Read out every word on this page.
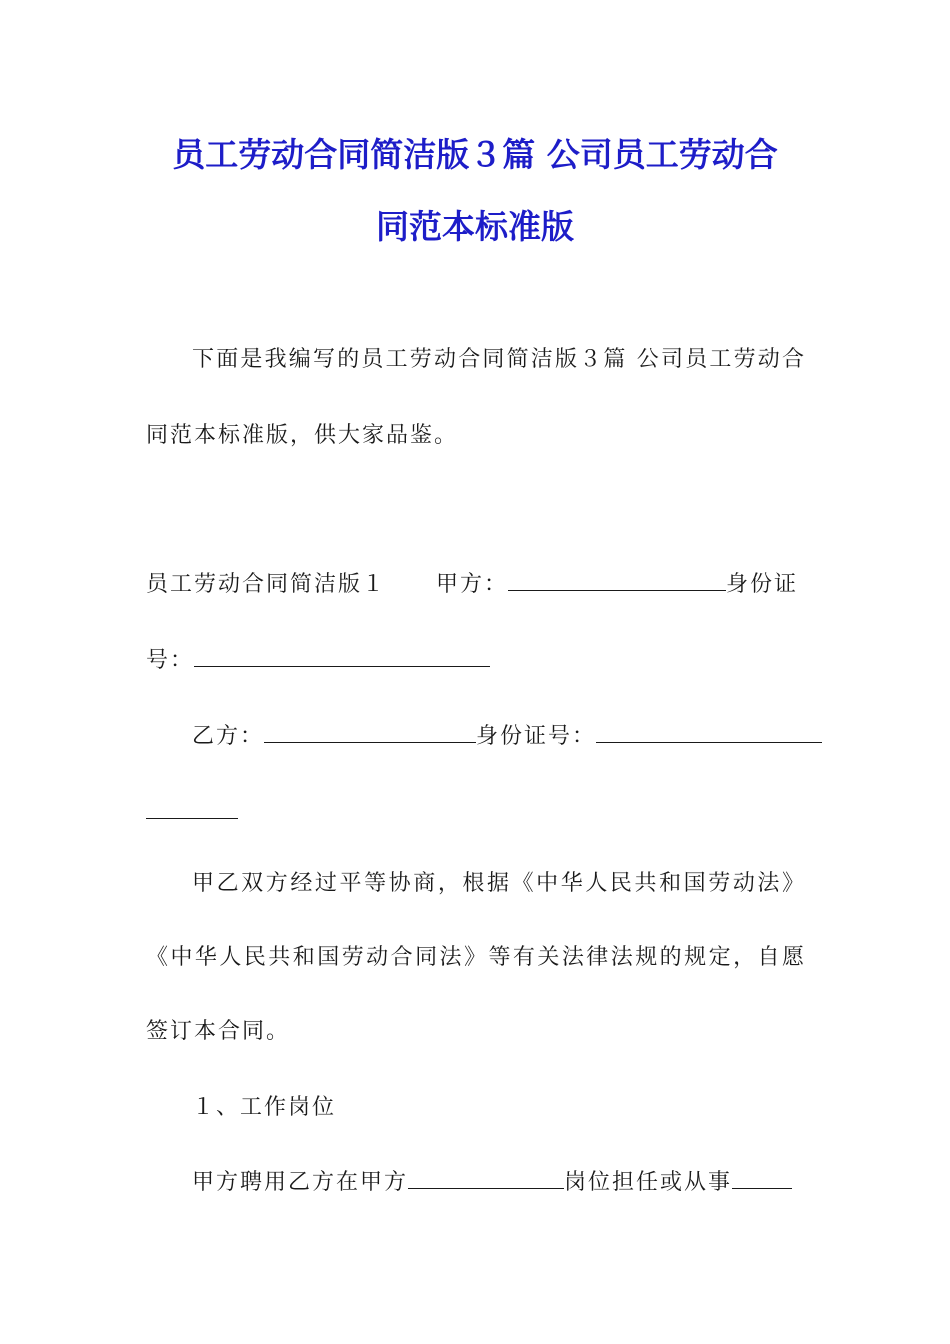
员工劳动合同简洁版３篇 公司员工劳动合
同范本标准版
下面是我编写的员工劳动合同简洁版３篇 公司员工劳动合
同范本标准版，供大家品鉴。
员工劳动合同简洁版１ 甲方：	身份证
号：
乙方：	身份证号：
甲乙双方经过平等协商，根据《中华人民共和国劳动法》
《中华人民共和国劳动合同法》等有关法律法规的规定，自愿
签订本合同。
１、工作岗位
甲方聘用乙方在甲方	岗位担任或从事
